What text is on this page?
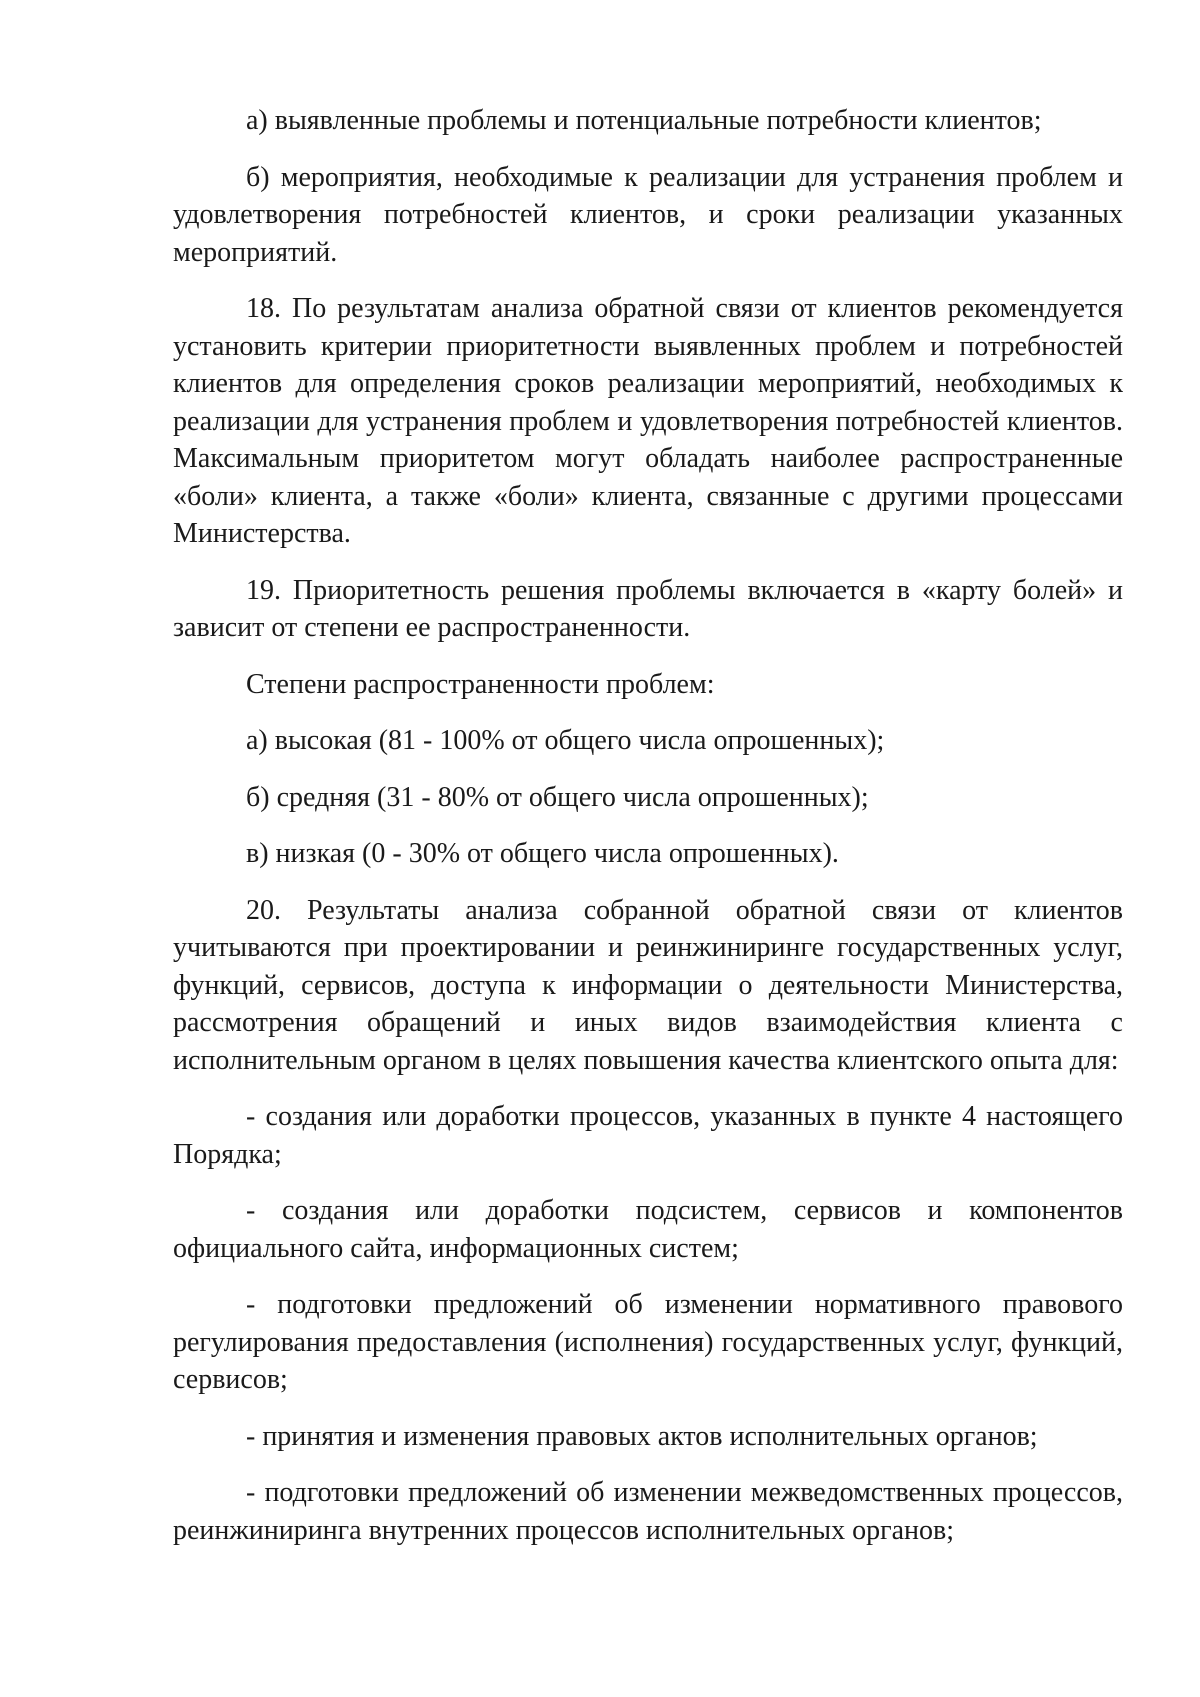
а) выявленные проблемы и потенциальные потребности клиентов;

б) мероприятия, необходимые к реализации для устранения проблем и удовлетворения потребностей клиентов, и сроки реализации указанных мероприятий.

18. По результатам анализа обратной связи от клиентов рекомендуется установить критерии приоритетности выявленных проблем и потребностей клиентов для определения сроков реализации мероприятий, необходимых к реализации для устранения проблем и удовлетворения потребностей клиентов. Максимальным приоритетом могут обладать наиболее распространенные «боли» клиента, а также «боли» клиента, связанные с другими процессами Министерства.

19. Приоритетность решения проблемы включается в «карту болей» и зависит от степени ее распространенности.

Степени распространенности проблем:

а) высокая (81 - 100% от общего числа опрошенных);

б) средняя (31 - 80% от общего числа опрошенных);

в) низкая (0 - 30% от общего числа опрошенных).

20. Результаты анализа собранной обратной связи от клиентов учитываются при проектировании и реинжиниринге государственных услуг, функций, сервисов, доступа к информации о деятельности Министерства, рассмотрения обращений и иных видов взаимодействия клиента с исполнительным органом в целях повышения качества клиентского опыта для:

- создания или доработки процессов, указанных в пункте 4 настоящего Порядка;

- создания или доработки подсистем, сервисов и компонентов официального сайта, информационных систем;

- подготовки предложений об изменении нормативного правового регулирования предоставления (исполнения) государственных услуг, функций, сервисов;

- принятия и изменения правовых актов исполнительных органов;

- подготовки предложений об изменении межведомственных процессов, реинжиниринга внутренних процессов исполнительных органов;
